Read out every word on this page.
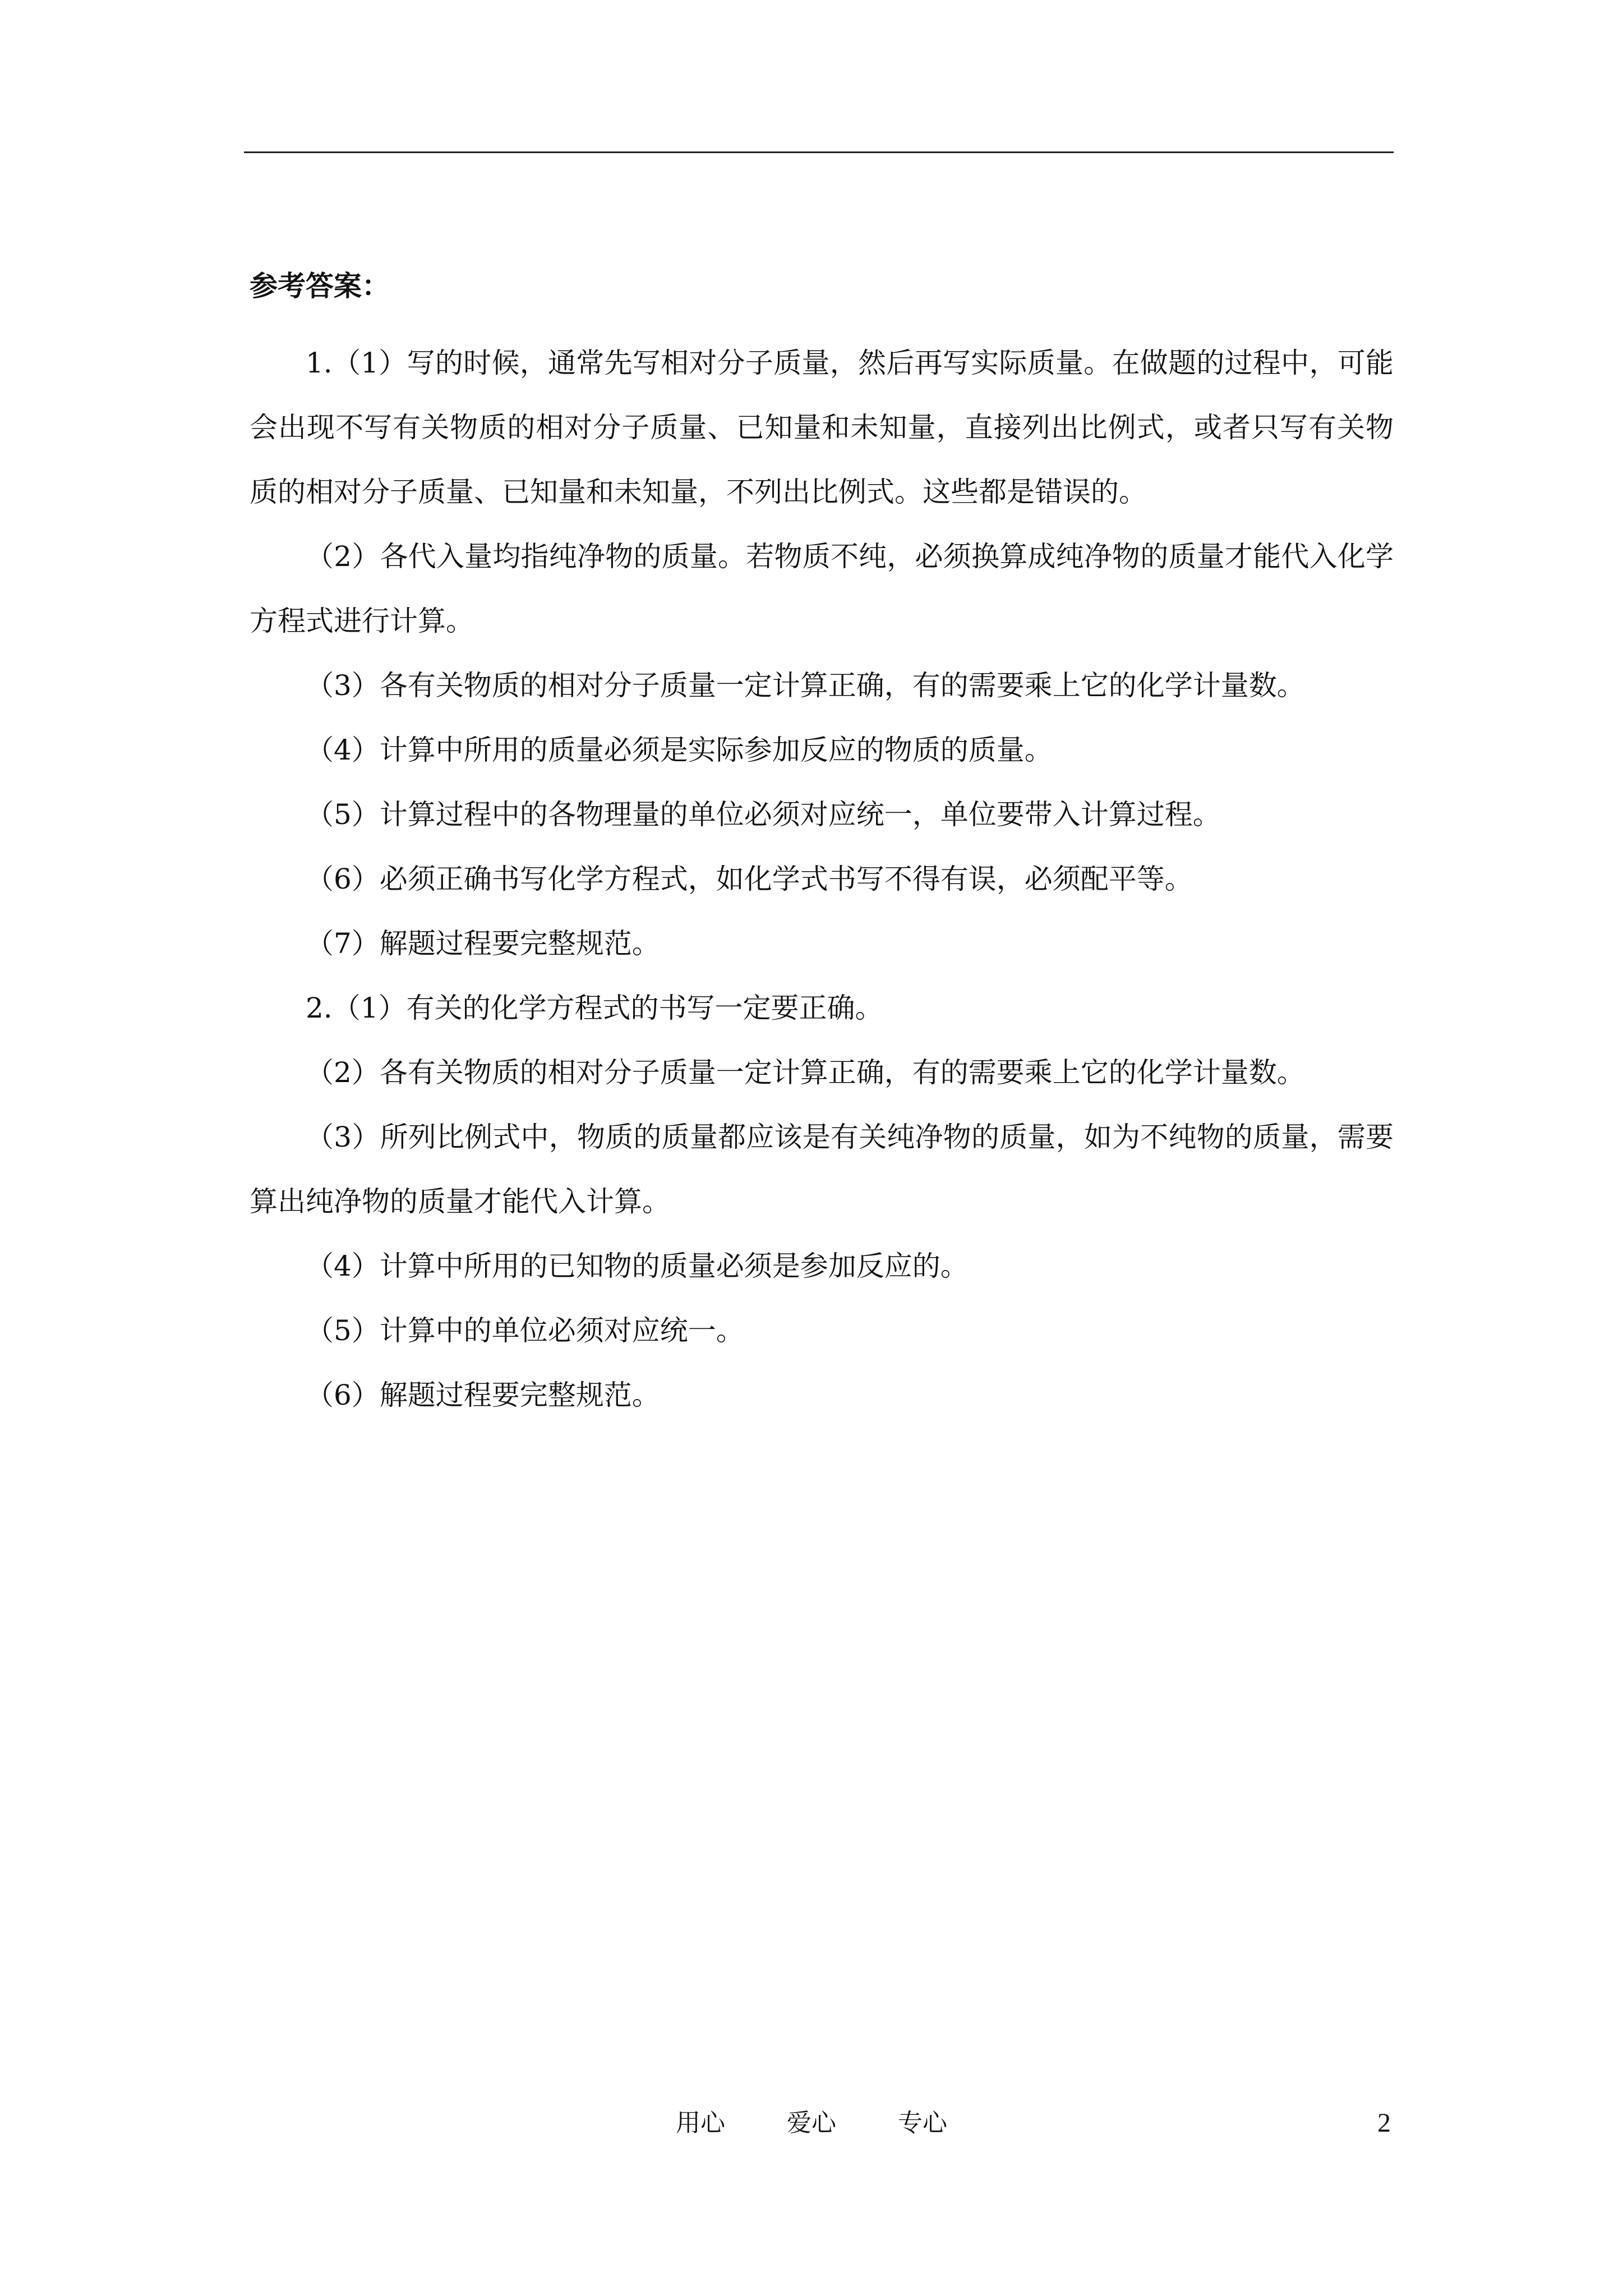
参考答案：

1.（1）写的时候，通常先写相对分子质量，然后再写实际质量。在做题的过程中，可能会出现不写有关物质的相对分子质量、已知量和未知量，直接列出比例式，或者只写有关物质的相对分子质量、已知量和未知量，不列出比例式。这些都是错误的。

（2）各代入量均指纯净物的质量。若物质不纯，必须换算成纯净物的质量才能代入化学方程式进行计算。

（3）各有关物质的相对分子质量一定计算正确，有的需要乘上它的化学计量数。

（4）计算中所用的质量必须是实际参加反应的物质的质量。

（5）计算过程中的各物理量的单位必须对应统一，单位要带入计算过程。

（6）必须正确书写化学方程式，如化学式书写不得有误，必须配平等。

（7）解题过程要完整规范。

2.（1）有关的化学方程式的书写一定要正确。

（2）各有关物质的相对分子质量一定计算正确，有的需要乘上它的化学计量数。

（3）所列比例式中，物质的质量都应该是有关纯净物的质量，如为不纯物的质量，需要算出纯净物的质量才能代入计算。

（4）计算中所用的已知物的质量必须是参加反应的。

（5）计算中的单位必须对应统一。

（6）解题过程要完整规范。

用心	爱心	专心	2
